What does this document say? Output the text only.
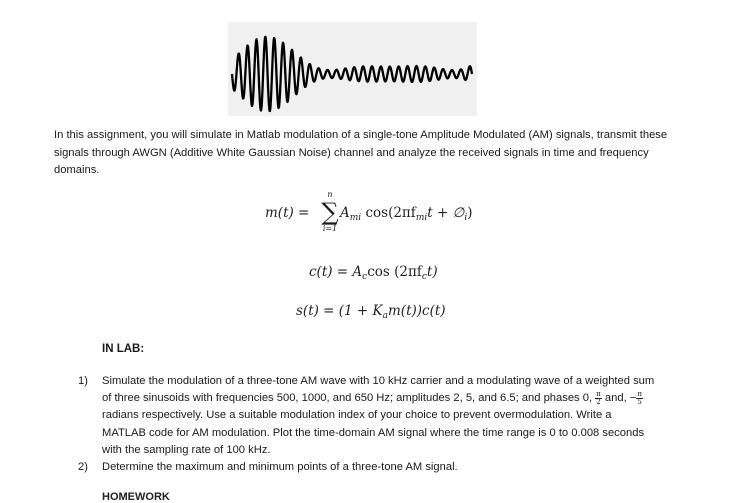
In this assignment, you will simulate in Matlab modulation of a single-tone Amplitude Modulated (AM) signals, transmit these signals through AWGN (Additive White Gaussian Noise) channel and analyze the received signals in time and frequency domains.

m(t) =
n
∑
i=1
$A_{mi}$ $\cos(2\pi f_{mi}t$ + $\emptyset_i$)
$c(t) = A_c\cos$ $(2\pi f_ct)$
$s(t) = (1 + K_am(t))c(t)$
IN LAB:
1) Simulate the modulation of a three-tone AM wave with 10 kHz carrier and a modulating wave of a weighted sum of three sinusoids with frequencies 500, 1000, and 650 Hz; amplitudes 2, 5, and 6.5; and phases 0, $\frac{\pi}{2}$ and, − $\frac{\pi}{5}$
radians respectively. Use a suitable modulation index of your choice to prevent overmodulation. Write a MATLAB code for AM modulation. Plot the time-domain AM signal where the time range is 0 to 0.008 seconds with the sampling rate of 100 kHz.
2) Determine the maximum and minimum points of a three-tone AM signal.
HOMEWORK
